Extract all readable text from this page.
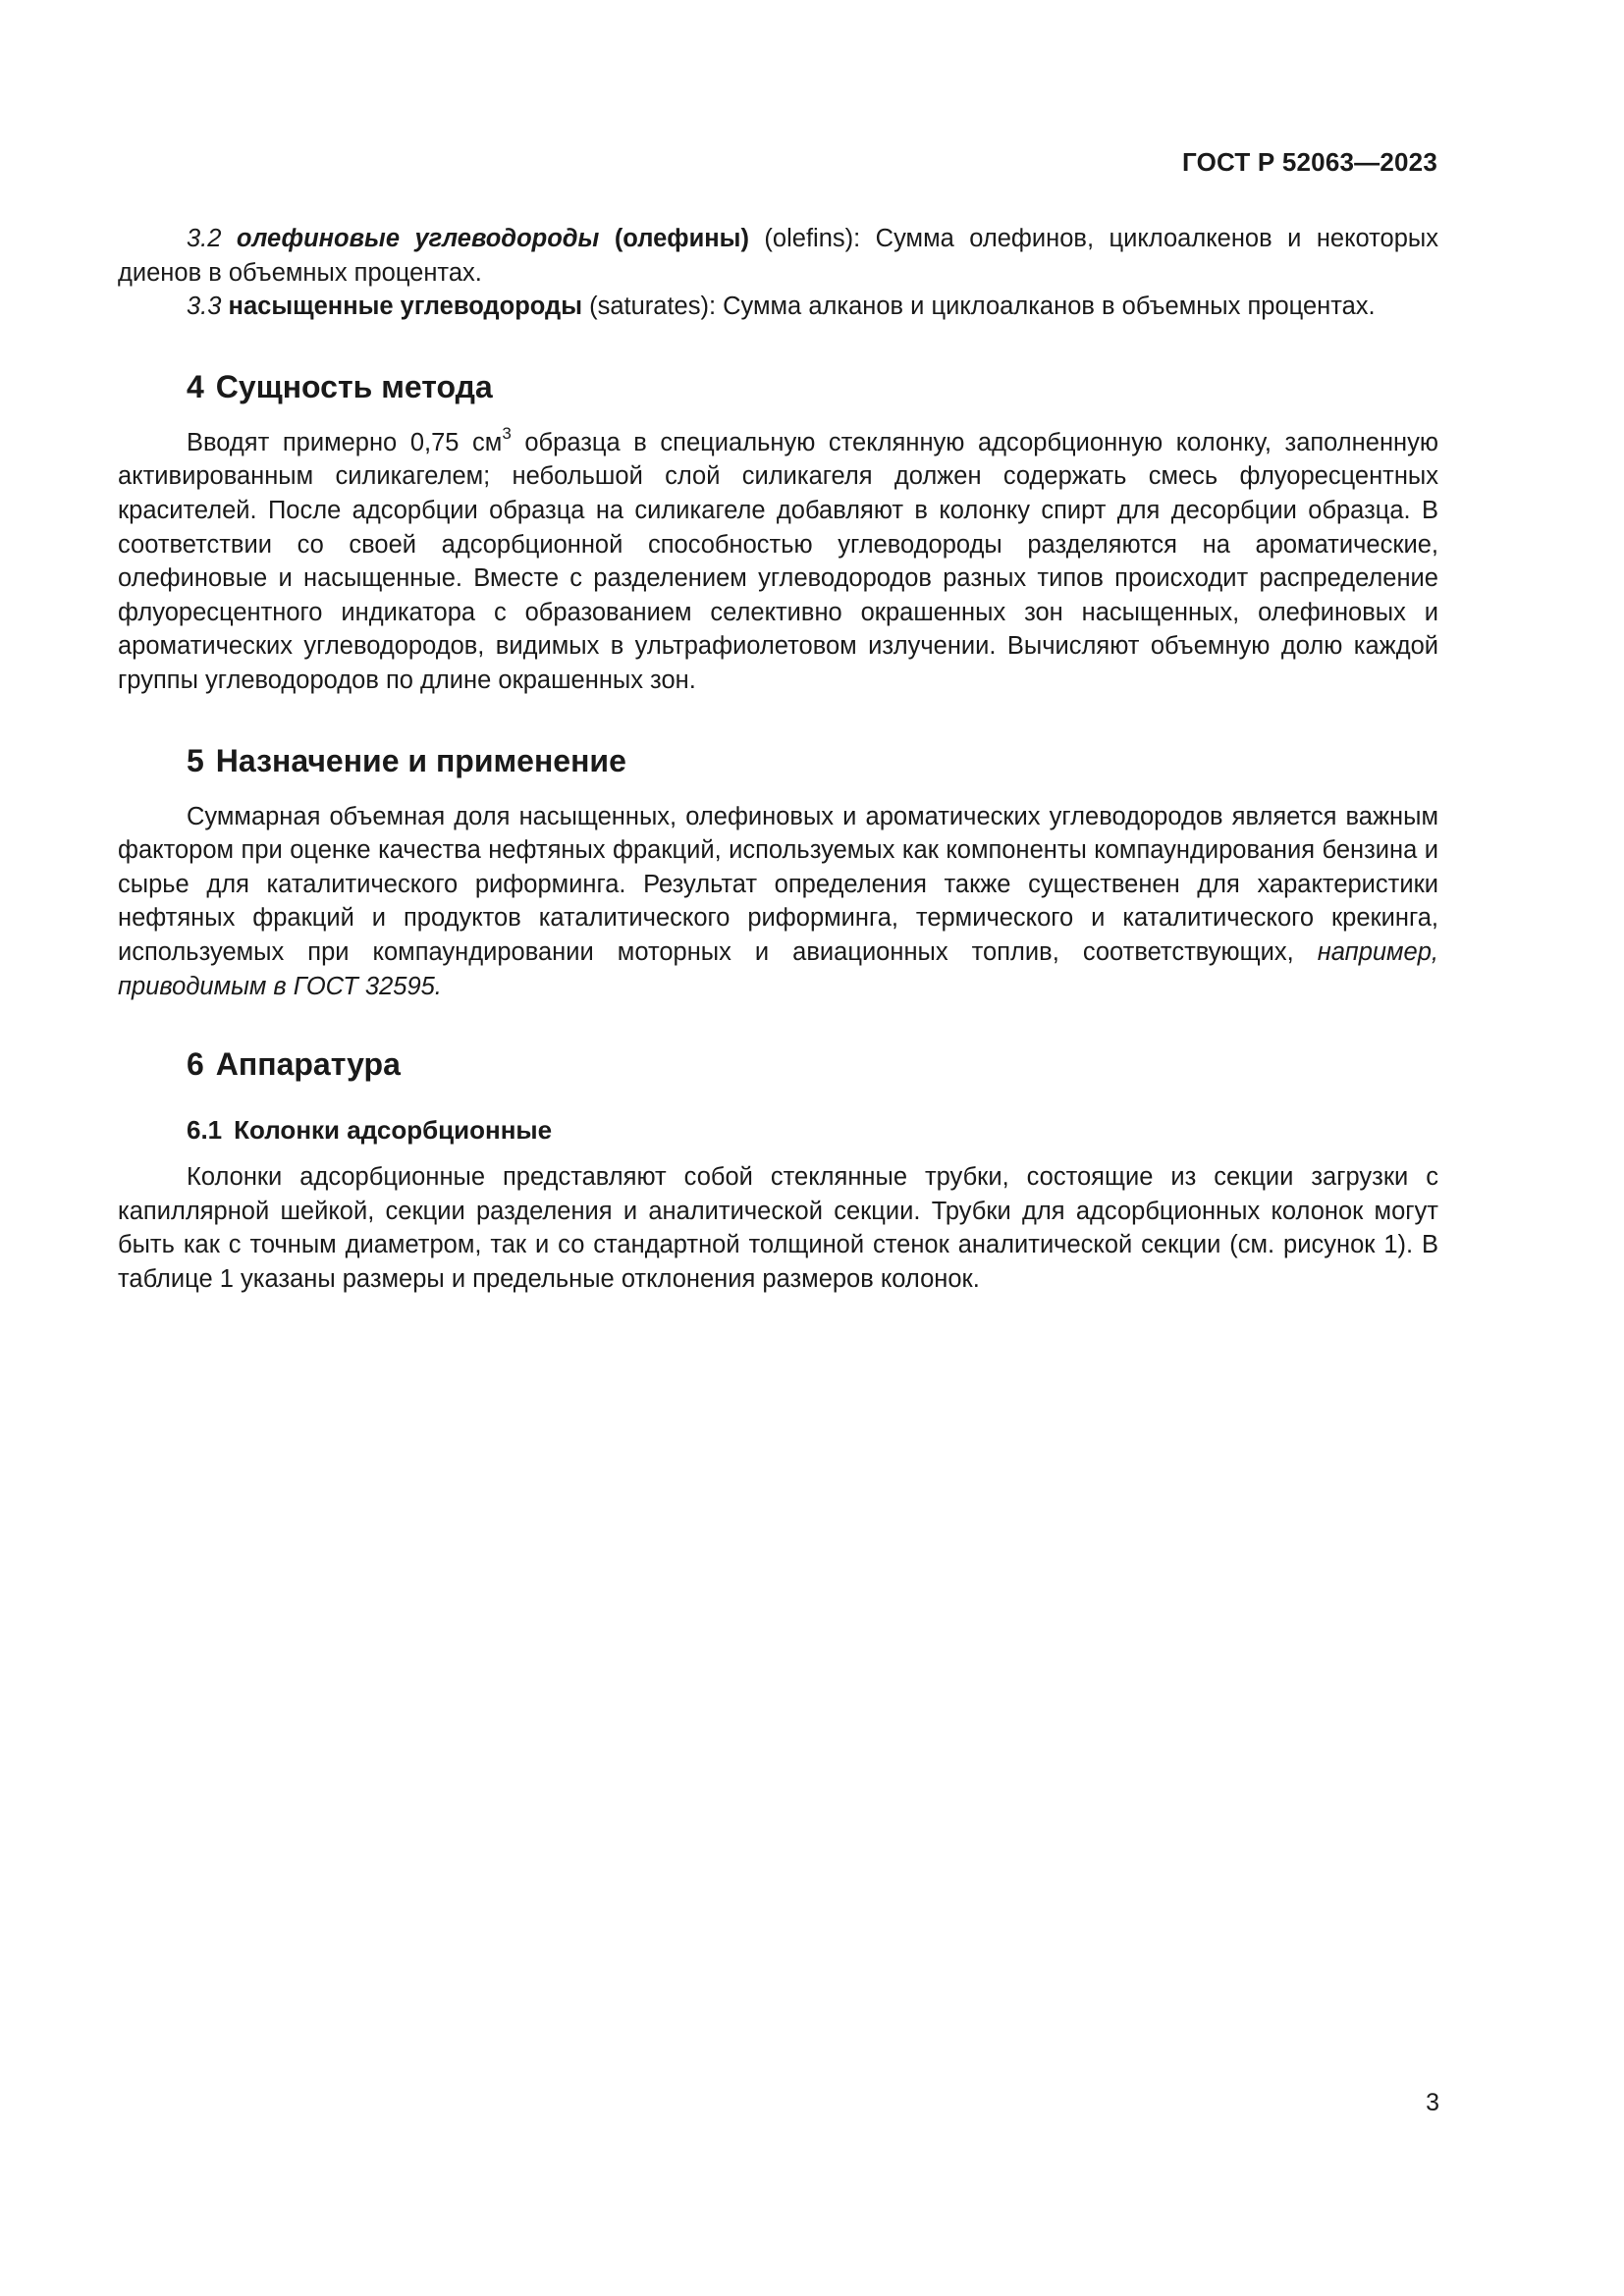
ГОСТ Р 52063—2023

3.2 олефиновые углеводороды (олефины) (olefins): Сумма олефинов, циклоалкенов и некоторых диенов в объемных процентах.

3.3 насыщенные углеводороды (saturates): Сумма алканов и циклоалканов в объемных процентах.

4 Сущность метода

Вводят примерно 0,75 $см^3$ образца в специальную стеклянную адсорбционную колонку, заполненную активированным силикагелем; небольшой слой силикагеля должен содержать смесь флуоресцентных красителей. После адсорбции образца на силикагеле добавляют в колонку спирт для десорбции образца. В соответствии со своей адсорбционной способностью углеводороды разделяются на ароматические, олефиновые и насыщенные. Вместе с разделением углеводородов разных типов происходит распределение флуоресцентного индикатора с образованием селективно окрашенных зон насыщенных, олефиновых и ароматических углеводородов, видимых в ультрафиолетовом излучении. Вычисляют объемную долю каждой группы углеводородов по длине окрашенных зон.

5 Назначение и применение

Суммарная объемная доля насыщенных, олефиновых и ароматических углеводородов является важным фактором при оценке качества нефтяных фракций, используемых как компоненты компаундирования бензина и сырье для каталитического риформинга. Результат определения также существенен для характеристики нефтяных фракций и продуктов каталитического риформинга, термического и каталитического крекинга, используемых при компаундировании моторных и авиационных топлив, соответствующих, например, приводимым в ГОСТ 32595.

6 Аппаратура
6.1 Колонки адсорбционные

Колонки адсорбционные представляют собой стеклянные трубки, состоящие из секции загрузки с капиллярной шейкой, секции разделения и аналитической секции. Трубки для адсорбционных колонок могут быть как с точным диаметром, так и со стандартной толщиной стенок аналитической секции (см. рисунок 1). В таблице 1 указаны размеры и предельные отклонения размеров колонок.

3
